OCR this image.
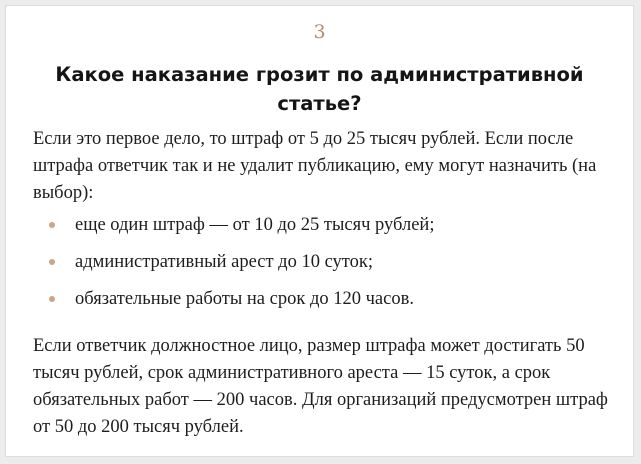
3
Какое наказание грозит по административной статье?

Если это первое дело, то штраф от 5 до 25 тысяч рублей. Если после штрафа ответчик так и не удалит публикацию, ему могут назначить (на выбор):

еще один штраф — от 10 до 25 тысяч рублей;
административный арест до 10 суток;
обязательные работы на срок до 120 часов.

Если ответчик должностное лицо, размер штрафа может достигать 50 тысяч рублей, срок административного ареста — 15 суток, а срок обязательных работ — 200 часов. Для организаций предусмотрен штраф от 50 до 200 тысяч рублей.
